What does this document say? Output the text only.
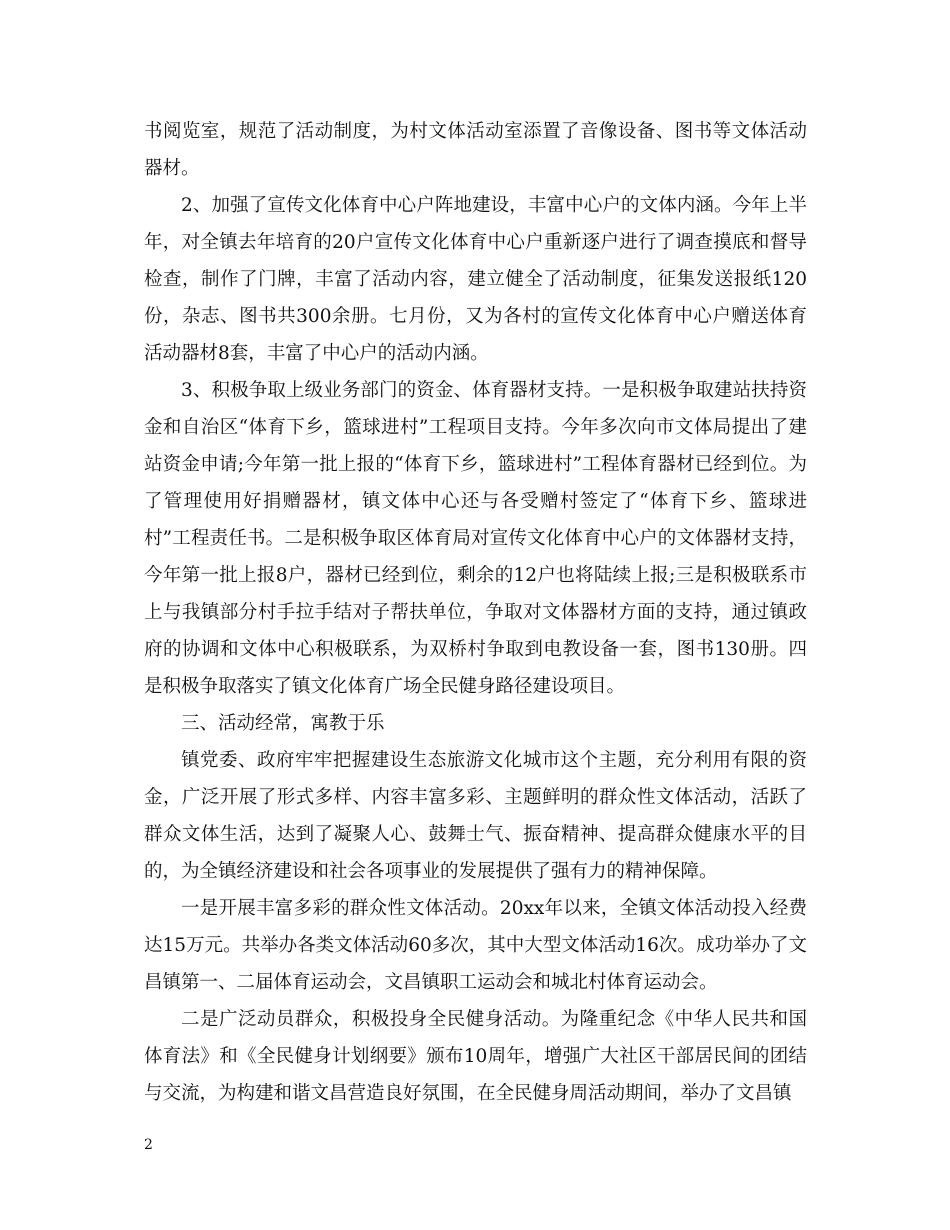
书阅览室，规范了活动制度，为村文体活动室添置了音像设备、图书等文体活动器材。

2、加强了宣传文化体育中心户阵地建设，丰富中心户的文体内涵。今年上半年，对全镇去年培育的20户宣传文化体育中心户重新逐户进行了调查摸底和督导检查，制作了门牌，丰富了活动内容，建立健全了活动制度，征集发送报纸120份，杂志、图书共300余册。七月份，又为各村的宣传文化体育中心户赠送体育活动器材8套，丰富了中心户的活动内涵。

3、积极争取上级业务部门的资金、体育器材支持。一是积极争取建站扶持资金和自治区“体育下乡，篮球进村”工程项目支持。今年多次向市文体局提出了建站资金申请;今年第一批上报的“体育下乡，篮球进村”工程体育器材已经到位。为了管理使用好捐赠器材，镇文体中心还与各受赠村签定了“体育下乡、篮球进村”工程责任书。二是积极争取区体育局对宣传文化体育中心户的文体器材支持，今年第一批上报8户，器材已经到位，剩余的12户也将陆续上报;三是积极联系市上与我镇部分村手拉手结对子帮扶单位，争取对文体器材方面的支持，通过镇政府的协调和文体中心积极联系，为双桥村争取到电教设备一套，图书130册。四是积极争取落实了镇文化体育广场全民健身路径建设项目。

三、活动经常，寓教于乐

镇党委、政府牢牢把握建设生态旅游文化城市这个主题，充分利用有限的资金，广泛开展了形式多样、内容丰富多彩、主题鲜明的群众性文体活动，活跃了群众文体生活，达到了凝聚人心、鼓舞士气、振奋精神、提高群众健康水平的目的，为全镇经济建设和社会各项事业的发展提供了强有力的精神保障。

一是开展丰富多彩的群众性文体活动。20xx年以来，全镇文体活动投入经费达15万元。共举办各类文体活动60多次，其中大型文体活动16次。成功举办了文昌镇第一、二届体育运动会，文昌镇职工运动会和城北村体育运动会。

二是广泛动员群众，积极投身全民健身活动。为隆重纪念《中华人民共和国体育法》和《全民健身计划纲要》颁布10周年，增强广大社区干部居民间的团结与交流，为构建和谐文昌营造良好氛围，在全民健身周活动期间，举办了文昌镇

2
